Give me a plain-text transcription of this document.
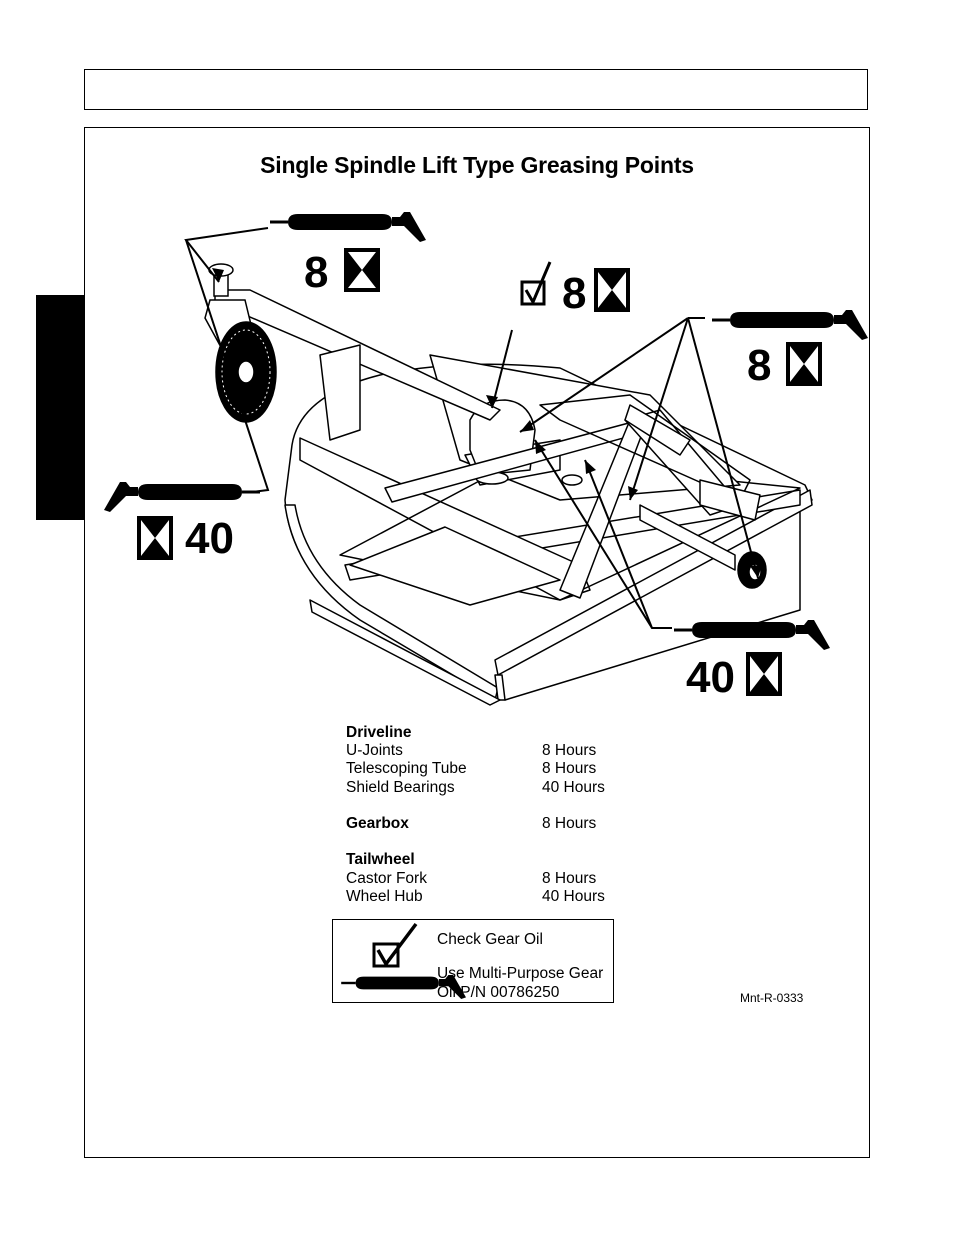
Single Spindle Lift Type Greasing Points
8	8
8
40
40
Driveline
U-Joints	8 Hours
Telescoping Tube	8 Hours
Shield Bearings	40 Hours
Gearbox	8 Hours
Tailwheel
Castor Fork	8 Hours
Wheel Hub	40 Hours
Check Gear Oil
Use Multi-Purpose Gear
Oil P/N 00786250	Mnt-R-0333
